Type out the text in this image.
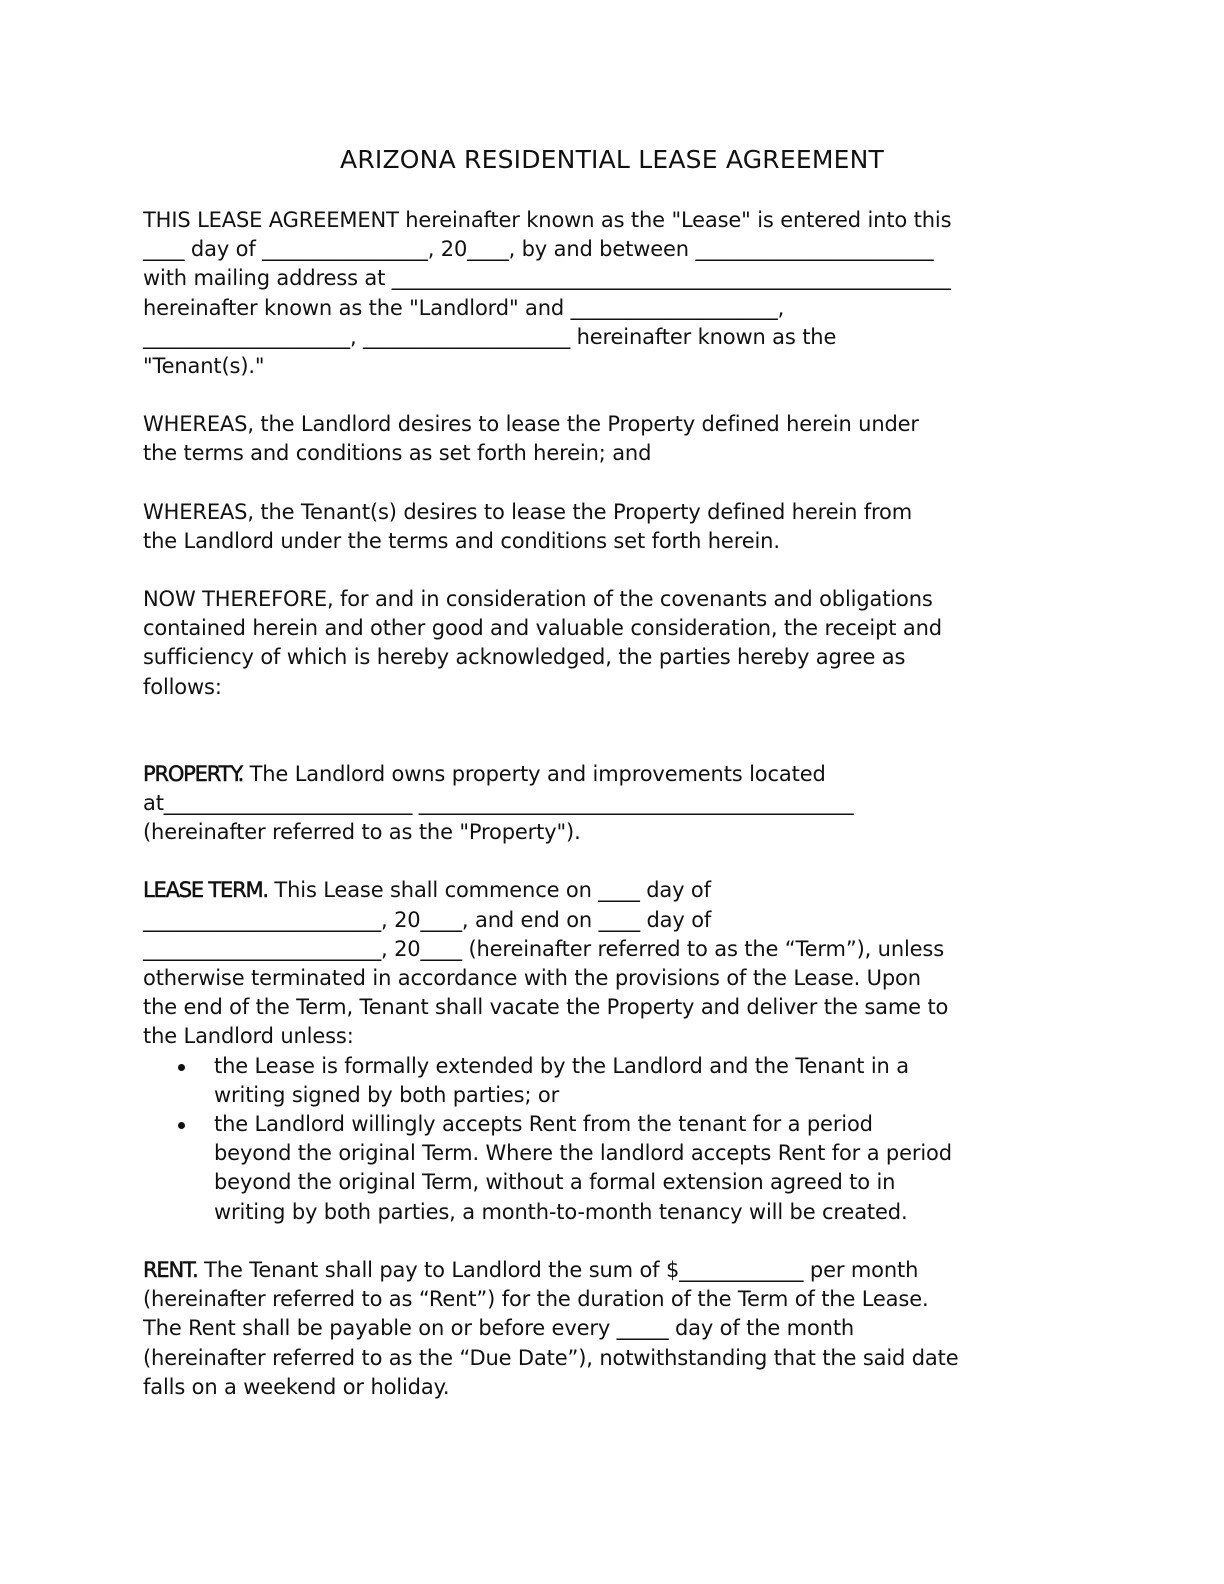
ARIZONA RESIDENTIAL LEASE AGREEMENT

THIS LEASE AGREEMENT hereinafter known as the "Lease" is entered into this

____ day of ________________, 20____, by and between _______________________

with mailing address at ______________________________________________________

hereinafter known as the "Landlord" and ____________________,

____________________, ____________________ hereinafter known as the

"Tenant(s)."

WHEREAS, the Landlord desires to lease the Property defined herein under

the terms and conditions as set forth herein; and

WHEREAS, the Tenant(s) desires to lease the Property defined herein from

the Landlord under the terms and conditions set forth herein.

NOW THEREFORE, for and in consideration of the covenants and obligations

contained herein and other good and valuable consideration, the receipt and

sufficiency of which is hereby acknowledged, the parties hereby agree as

follows:

PROPERTY. The Landlord owns property and improvements located

at________________________ __________________________________________

(hereinafter referred to as the "Property").

LEASE TERM. This Lease shall commence on ____ day of

_______________________, 20____, and end on ____ day of

_______________________, 20____ (hereinafter referred to as the “Term”), unless

otherwise terminated in accordance with the provisions of the Lease. Upon

the end of the Term, Tenant shall vacate the Property and deliver the same to

the Landlord unless:

the Lease is formally extended by the Landlord and the Tenant in a
writing signed by both parties; or
the Landlord willingly accepts Rent from the tenant for a period
beyond the original Term. Where the landlord accepts Rent for a period
beyond the original Term, without a formal extension agreed to in
writing by both parties, a month-to-month tenancy will be created.

RENT. The Tenant shall pay to Landlord the sum of $____________ per month

(hereinafter referred to as “Rent”) for the duration of the Term of the Lease.

The Rent shall be payable on or before every _____ day of the month

(hereinafter referred to as the “Due Date”), notwithstanding that the said date

falls on a weekend or holiday.
